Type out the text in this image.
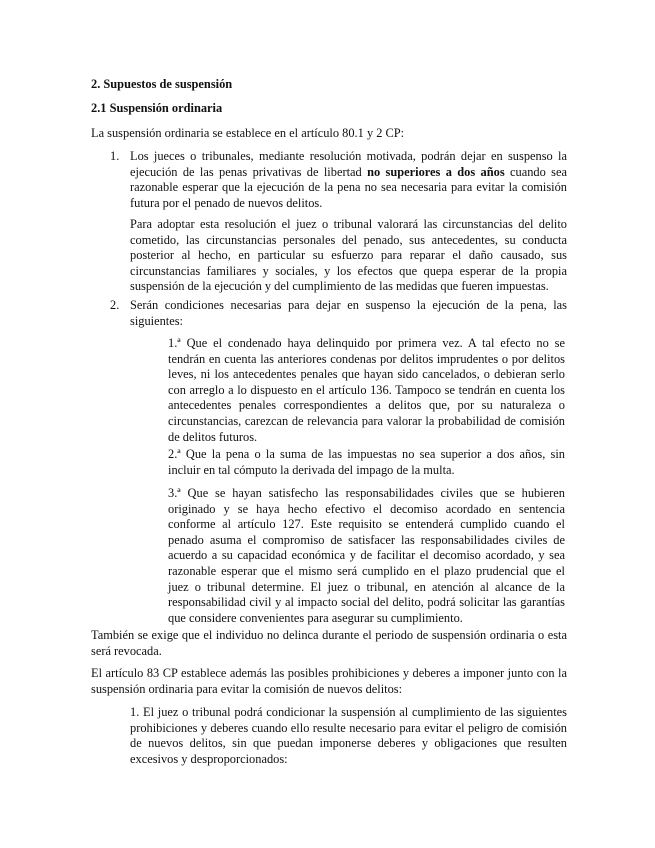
2. Supuestos de suspensión

2.1 Suspensión ordinaria

La suspensión ordinaria se establece en el artículo 80.1 y 2 CP:

1. Los jueces o tribunales, mediante resolución motivada, podrán dejar en suspenso la ejecución de las penas privativas de libertad no superiores a dos años cuando sea razonable esperar que la ejecución de la pena no sea necesaria para evitar la comisión futura por el penado de nuevos delitos.

Para adoptar esta resolución el juez o tribunal valorará las circunstancias del delito cometido, las circunstancias personales del penado, sus antecedentes, su conducta posterior al hecho, en particular su esfuerzo para reparar el daño causado, sus circunstancias familiares y sociales, y los efectos que quepa esperar de la propia suspensión de la ejecución y del cumplimiento de las medidas que fueren impuestas.

2. Serán condiciones necesarias para dejar en suspenso la ejecución de la pena, las siguientes:

1.ª Que el condenado haya delinquido por primera vez. A tal efecto no se tendrán en cuenta las anteriores condenas por delitos imprudentes o por delitos leves, ni los antecedentes penales que hayan sido cancelados, o debieran serlo con arreglo a lo dispuesto en el artículo 136. Tampoco se tendrán en cuenta los antecedentes penales correspondientes a delitos que, por su naturaleza o circunstancias, carezcan de relevancia para valorar la probabilidad de comisión de delitos futuros.

2.ª Que la pena o la suma de las impuestas no sea superior a dos años, sin incluir en tal cómputo la derivada del impago de la multa.

3.ª Que se hayan satisfecho las responsabilidades civiles que se hubieren originado y se haya hecho efectivo el decomiso acordado en sentencia conforme al artículo 127. Este requisito se entenderá cumplido cuando el penado asuma el compromiso de satisfacer las responsabilidades civiles de acuerdo a su capacidad económica y de facilitar el decomiso acordado, y sea razonable esperar que el mismo será cumplido en el plazo prudencial que el juez o tribunal determine. El juez o tribunal, en atención al alcance de la responsabilidad civil y al impacto social del delito, podrá solicitar las garantías que considere convenientes para asegurar su cumplimiento.

También se exige que el individuo no delinca durante el periodo de suspensión ordinaria o esta será revocada.

El artículo 83 CP establece además las posibles prohibiciones y deberes a imponer junto con la suspensión ordinaria para evitar la comisión de nuevos delitos:

1. El juez o tribunal podrá condicionar la suspensión al cumplimiento de las siguientes prohibiciones y deberes cuando ello resulte necesario para evitar el peligro de comisión de nuevos delitos, sin que puedan imponerse deberes y obligaciones que resulten excesivos y desproporcionados:
